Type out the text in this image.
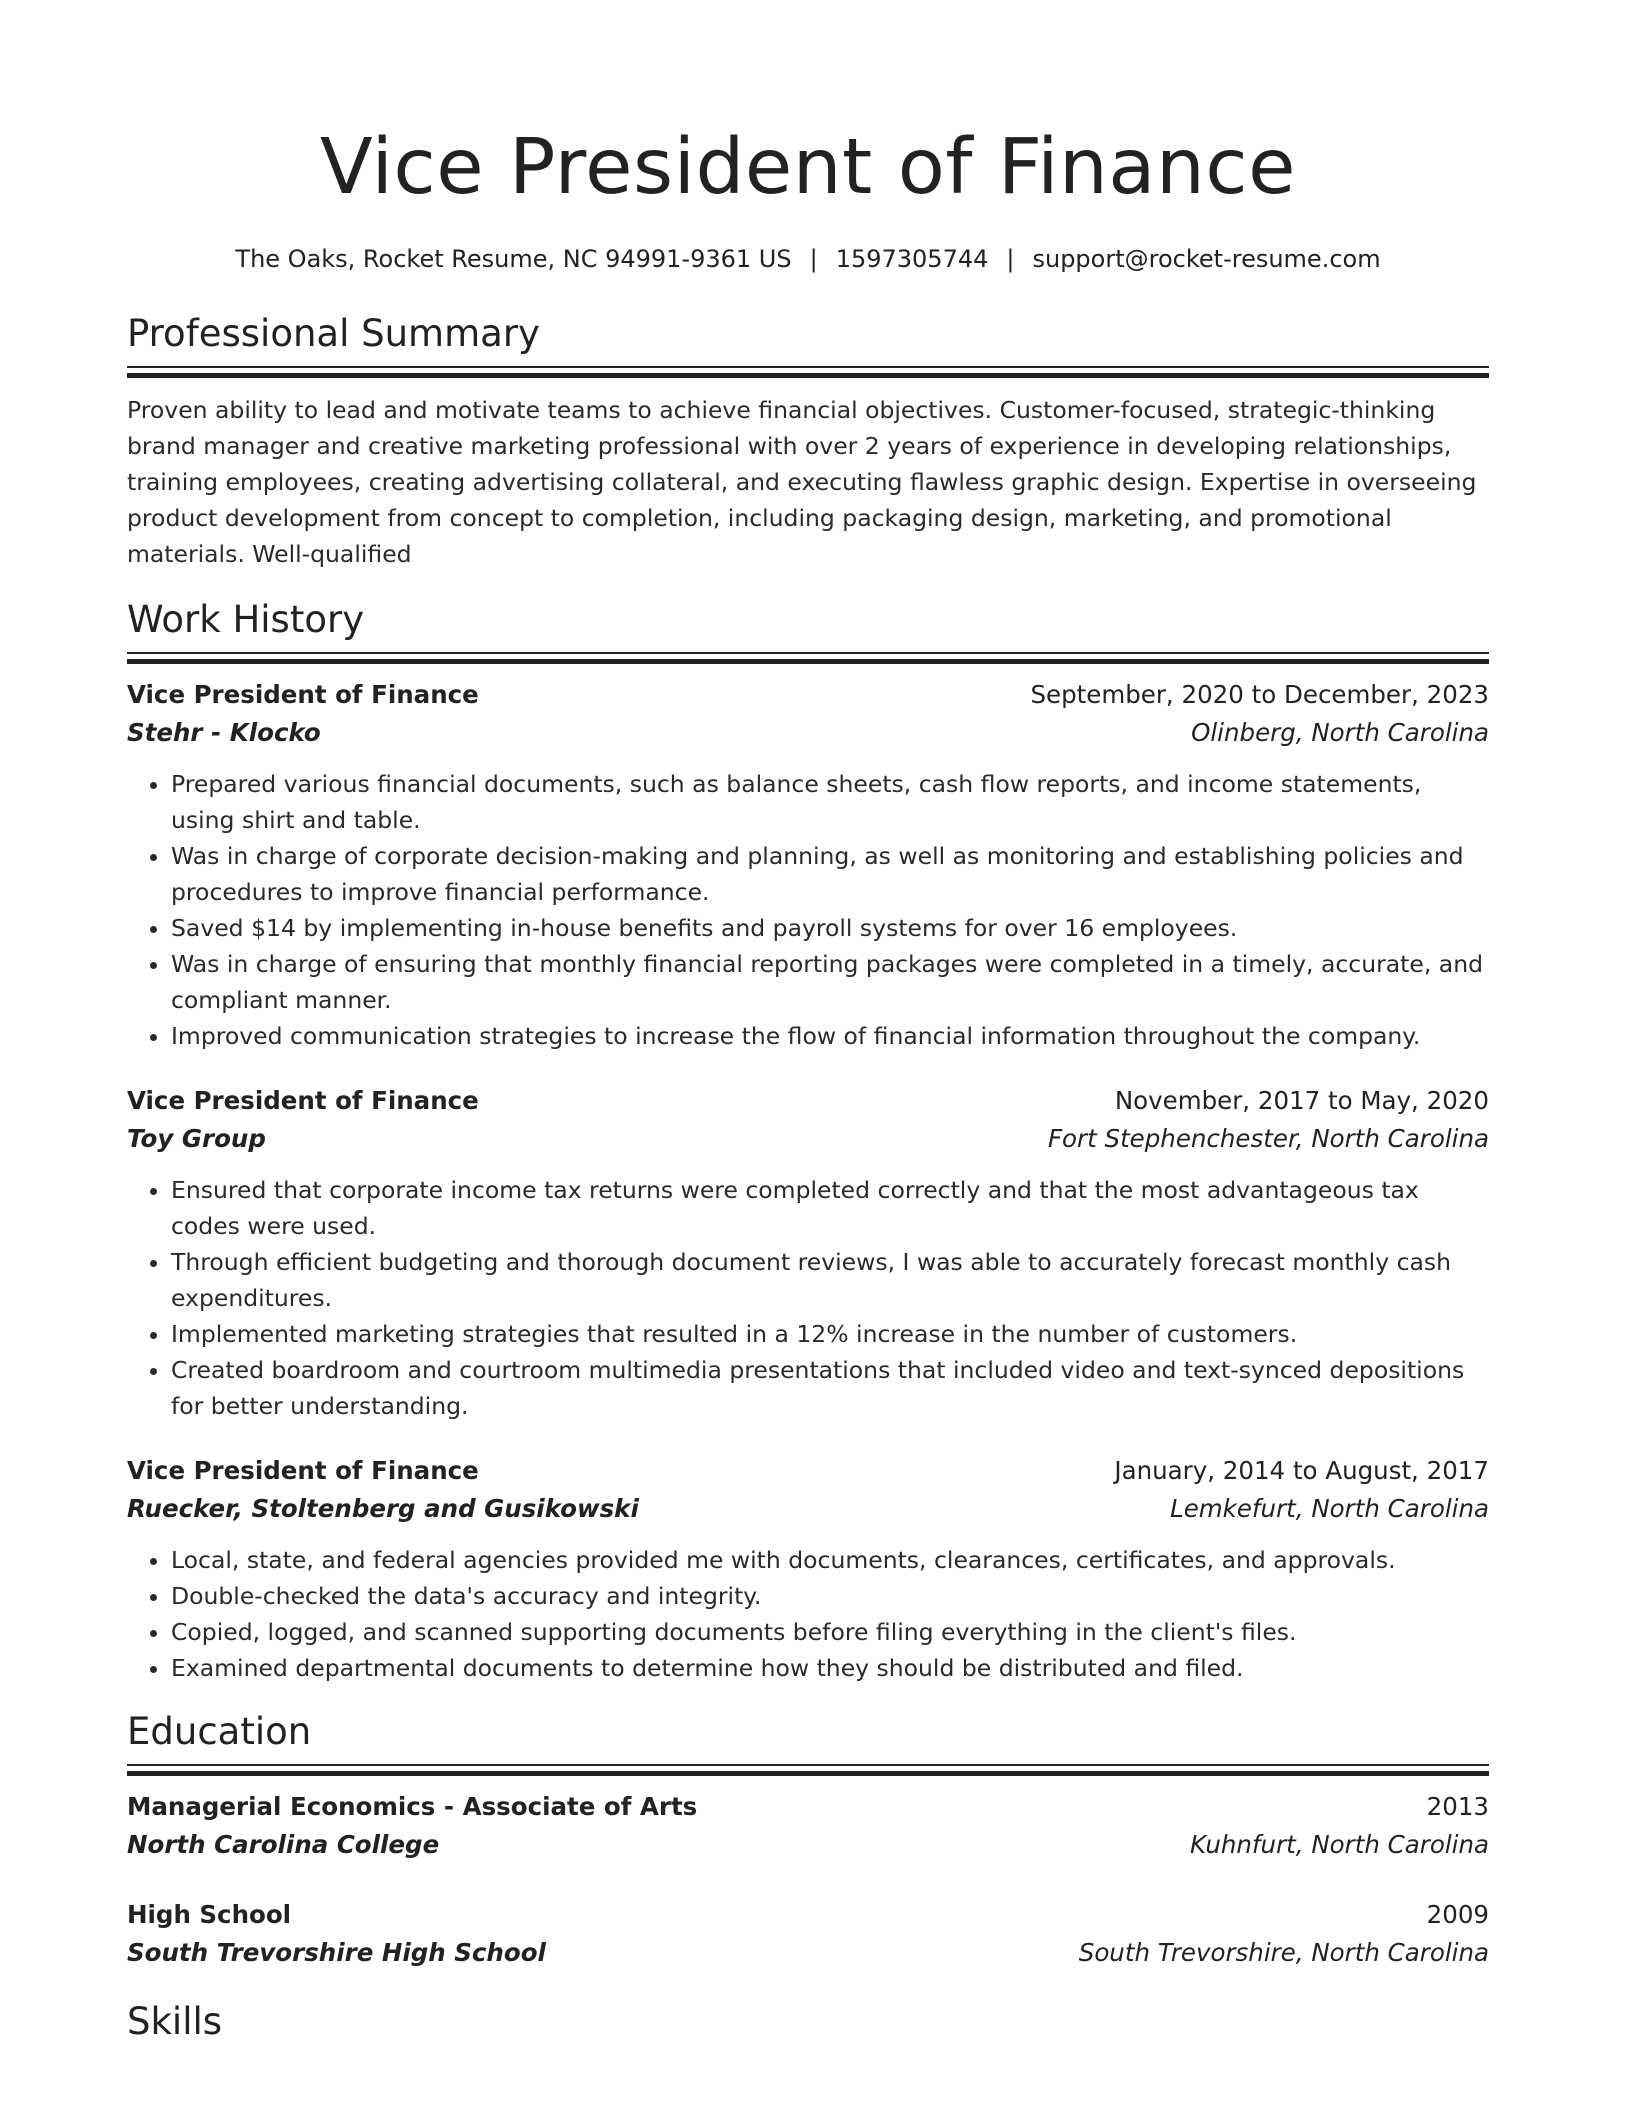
Vice President of Finance
The Oaks, Rocket Resume, NC 94991-9361 US | 1597305744 | support@rocket-resume.com
Professional Summary
Proven ability to lead and motivate teams to achieve financial objectives. Customer-focused, strategic-thinking brand manager and creative marketing professional with over 2 years of experience in developing relationships, training employees, creating advertising collateral, and executing flawless graphic design. Expertise in overseeing product development from concept to completion, including packaging design, marketing, and promotional materials. Well-qualified
Work History
Vice President of Finance	September, 2020 to December, 2023
Stehr - Klocko	Olinberg, North Carolina
• Prepared various financial documents, such as balance sheets, cash flow reports, and income statements, using shirt and table.
• Was in charge of corporate decision-making and planning, as well as monitoring and establishing policies and procedures to improve financial performance.
• Saved $14 by implementing in-house benefits and payroll systems for over 16 employees.
• Was in charge of ensuring that monthly financial reporting packages were completed in a timely, accurate, and compliant manner.
• Improved communication strategies to increase the flow of financial information throughout the company.
Vice President of Finance	November, 2017 to May, 2020
Toy Group	Fort Stephenchester, North Carolina
• Ensured that corporate income tax returns were completed correctly and that the most advantageous tax codes were used.
• Through efficient budgeting and thorough document reviews, I was able to accurately forecast monthly cash expenditures.
• Implemented marketing strategies that resulted in a 12% increase in the number of customers.
• Created boardroom and courtroom multimedia presentations that included video and text-synced depositions for better understanding.
Vice President of Finance	January, 2014 to August, 2017
Ruecker, Stoltenberg and Gusikowski	Lemkefurt, North Carolina
• Local, state, and federal agencies provided me with documents, clearances, certificates, and approvals.
• Double-checked the data's accuracy and integrity.
• Copied, logged, and scanned supporting documents before filing everything in the client's files.
• Examined departmental documents to determine how they should be distributed and filed.
Education
Managerial Economics - Associate of Arts	2013
North Carolina College	Kuhnfurt, North Carolina
High School	2009
South Trevorshire High School	South Trevorshire, North Carolina
Skills
